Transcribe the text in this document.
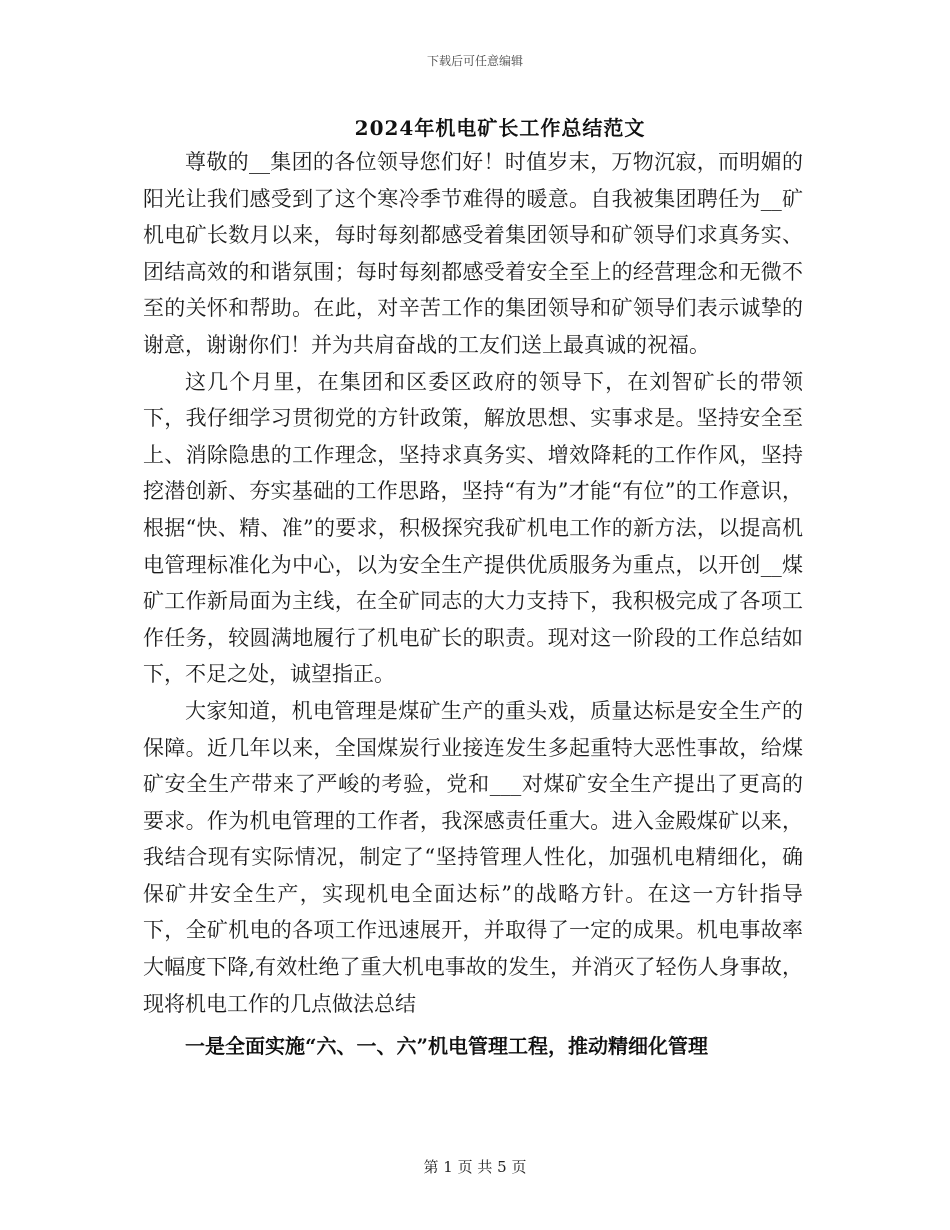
下载后可任意编辑
2024年机电矿长工作总结范文

尊敬的__集团的各位领导您们好！时值岁末，万物沉寂，而明媚的阳光让我们感受到了这个寒冷季节难得的暖意。自我被集团聘任为__矿机电矿长数月以来，每时每刻都感受着集团领导和矿领导们求真务实、团结高效的和谐氛围；每时每刻都感受着安全至上的经营理念和无微不至的关怀和帮助。在此，对辛苦工作的集团领导和矿领导们表示诚挚的谢意，谢谢你们！并为共肩奋战的工友们送上最真诚的祝福。

这几个月里，在集团和区委区政府的领导下，在刘智矿长的带领下，我仔细学习贯彻党的方针政策，解放思想、实事求是。坚持安全至上、消除隐患的工作理念，坚持求真务实、增效降耗的工作作风，坚持挖潜创新、夯实基础的工作思路，坚持“有为”才能“有位”的工作意识，根据“快、精、准”的要求，积极探究我矿机电工作的新方法，以提高机电管理标准化为中心，以为安全生产提供优质服务为重点，以开创__煤矿工作新局面为主线，在全矿同志的大力支持下，我积极完成了各项工作任务，较圆满地履行了机电矿长的职责。现对这一阶段的工作总结如下，不足之处，诚望指正。

大家知道，机电管理是煤矿生产的重头戏，质量达标是安全生产的保障。近几年以来，全国煤炭行业接连发生多起重特大恶性事故，给煤矿安全生产带来了严峻的考验，党和___对煤矿安全生产提出了更高的要求。作为机电管理的工作者，我深感责任重大。进入金殿煤矿以来，我结合现有实际情况，制定了“坚持管理人性化，加强机电精细化，确保矿井安全生产，实现机电全面达标”的战略方针。在这一方针指导下，全矿机电的各项工作迅速展开，并取得了一定的成果。机电事故率大幅度下降,有效杜绝了重大机电事故的发生，并消灭了轻伤人身事故，现将机电工作的几点做法总结

一是全面实施“六、一、六”机电管理工程，推动精细化管理

第 1 页 共 5 页
